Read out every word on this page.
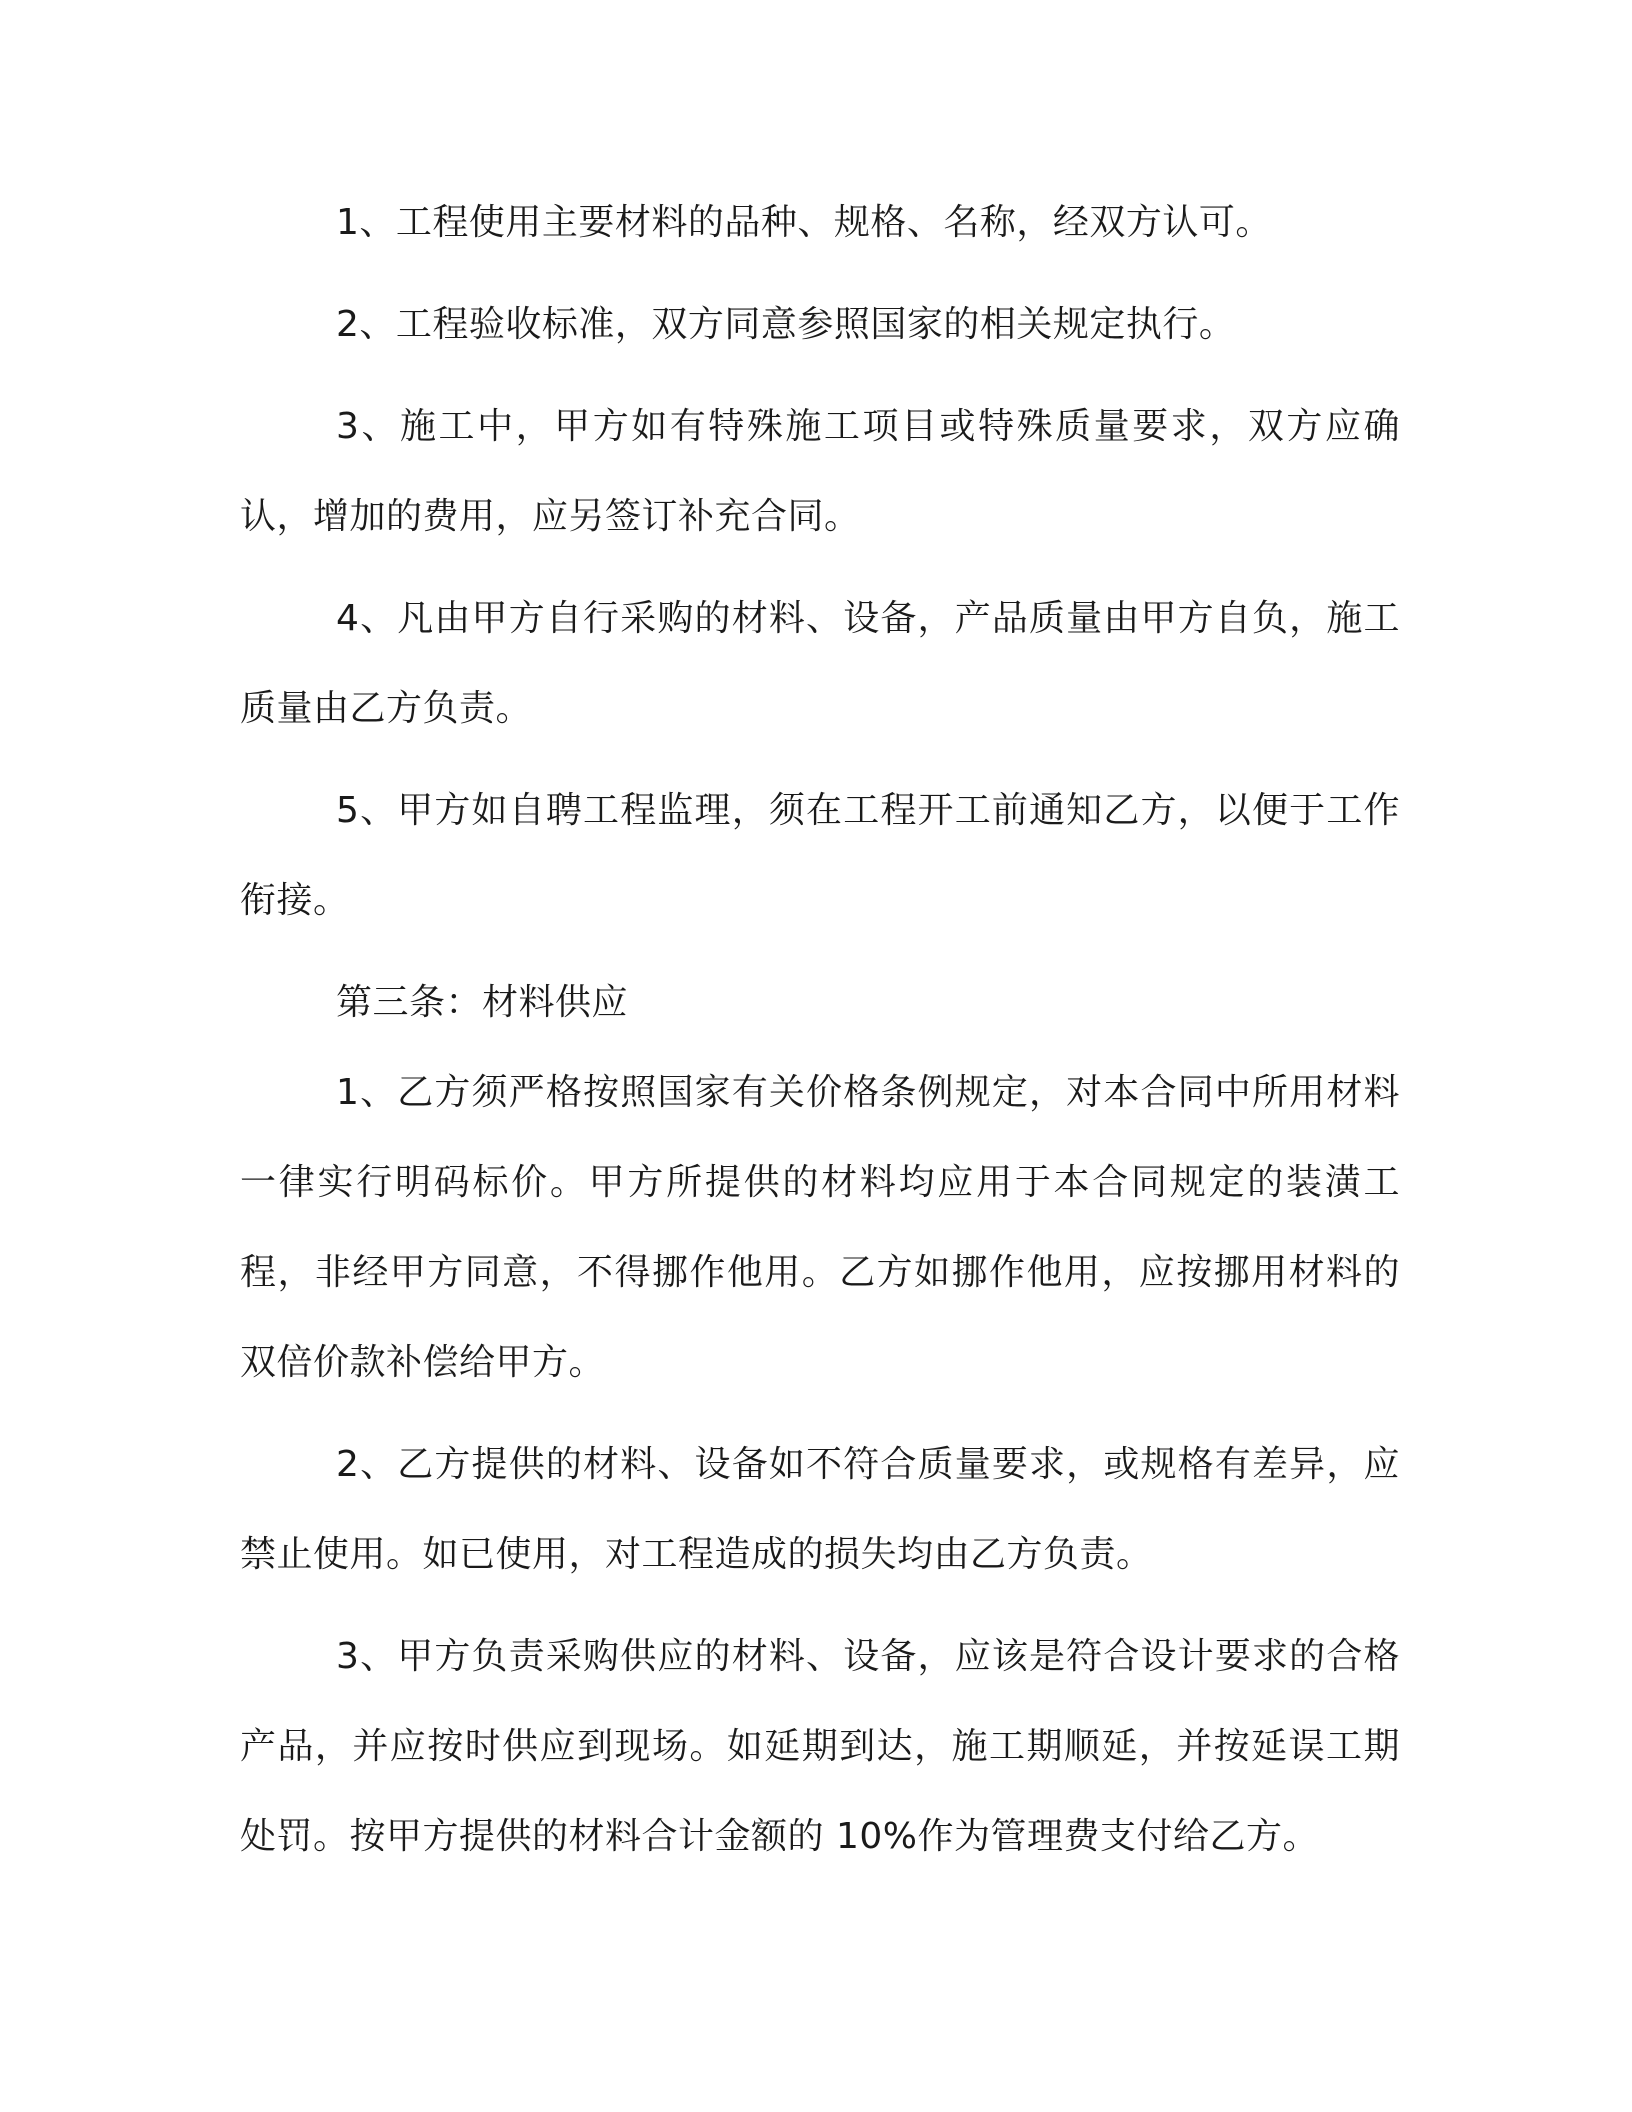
1、工程使用主要材料的品种、规格、名称，经双方认可。

2、工程验收标准，双方同意参照国家的相关规定执行。

3、施工中，甲方如有特殊施工项目或特殊质量要求，双方应确认，增加的费用，应另签订补充合同。

4、凡由甲方自行采购的材料、设备，产品质量由甲方自负，施工质量由乙方负责。

5、甲方如自聘工程监理，须在工程开工前通知乙方，以便于工作衔接。

第三条：材料供应

1、乙方须严格按照国家有关价格条例规定，对本合同中所用材料一律实行明码标价。甲方所提供的材料均应用于本合同规定的装潢工程，非经甲方同意，不得挪作他用。乙方如挪作他用，应按挪用材料的双倍价款补偿给甲方。

2、乙方提供的材料、设备如不符合质量要求，或规格有差异，应禁止使用。如已使用，对工程造成的损失均由乙方负责。

3、甲方负责采购供应的材料、设备，应该是符合设计要求的合格产品，并应按时供应到现场。如延期到达，施工期顺延，并按延误工期处罚。按甲方提供的材料合计金额的 10%作为管理费支付给乙方。
